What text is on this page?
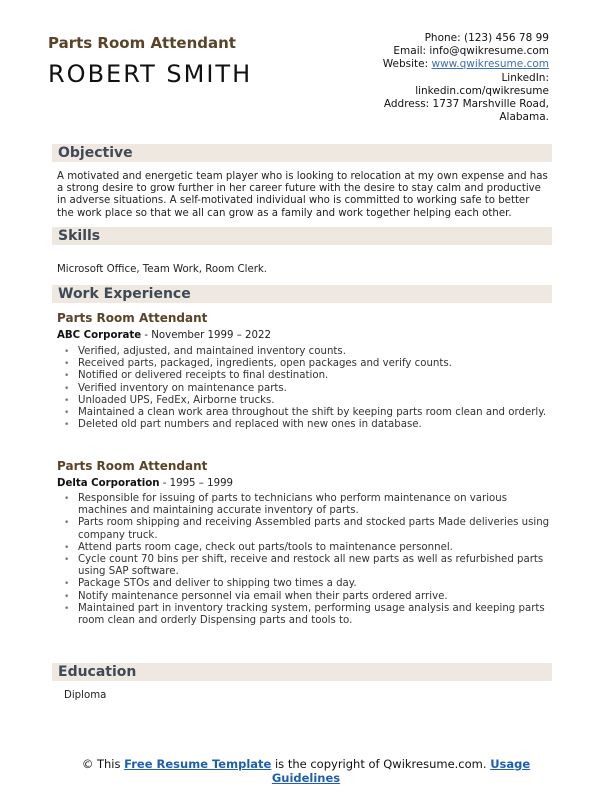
Parts Room Attendant
ROBERT SMITH
Phone: (123) 456 78 99
Email: info@qwikresume.com
Website: www.qwikresume.com
LinkedIn:
linkedin.com/qwikresume
Address: 1737 Marshville Road,
Alabama.
Objective
A motivated and energetic team player who is looking to relocation at my own expense and has a strong desire to grow further in her career future with the desire to stay calm and productive in adverse situations. A self-motivated individual who is committed to working safe to better the work place so that we all can grow as a family and work together helping each other.
Skills
Microsoft Office, Team Work, Room Clerk.
Work Experience
Parts Room Attendant
ABC Corporate - November 1999 – 2022
• Verified, adjusted, and maintained inventory counts.
• Received parts, packaged, ingredients, open packages and verify counts.
• Notified or delivered receipts to final destination.
• Verified inventory on maintenance parts.
• Unloaded UPS, FedEx, Airborne trucks.
• Maintained a clean work area throughout the shift by keeping parts room clean and orderly.
• Deleted old part numbers and replaced with new ones in database.
Parts Room Attendant
Delta Corporation - 1995 – 1999
• Responsible for issuing of parts to technicians who perform maintenance on various machines and maintaining accurate inventory of parts.
• Parts room shipping and receiving Assembled parts and stocked parts Made deliveries using company truck.
• Attend parts room cage, check out parts/tools to maintenance personnel.
• Cycle count 70 bins per shift, receive and restock all new parts as well as refurbished parts using SAP software.
• Package STOs and deliver to shipping two times a day.
• Notify maintenance personnel via email when their parts ordered arrive.
• Maintained part in inventory tracking system, performing usage analysis and keeping parts room clean and orderly Dispensing parts and tools to.
Education
Diploma
© This Free Resume Template is the copyright of Qwikresume.com. Usage
Guidelines
